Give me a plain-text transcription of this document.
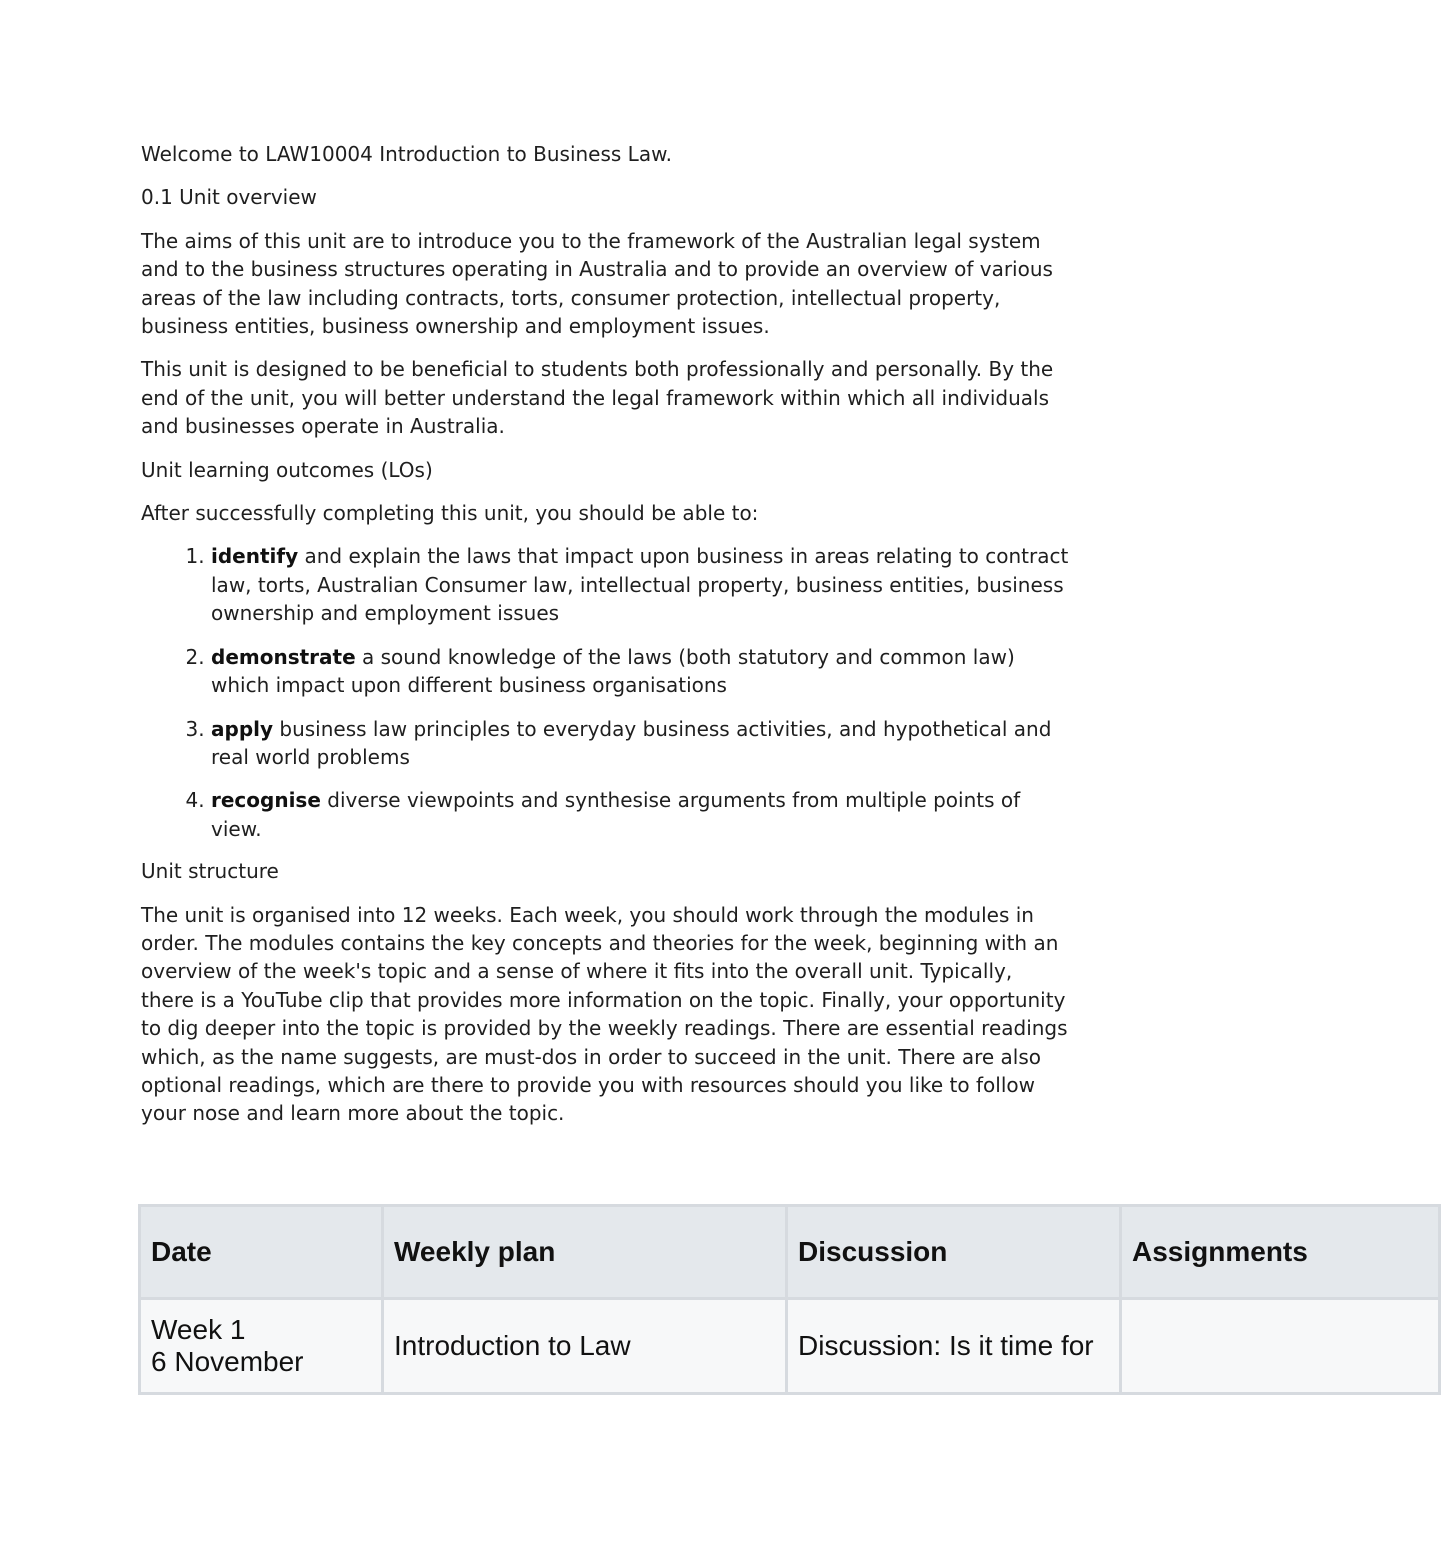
Welcome to LAW10004 Introduction to Business Law.

0.1 Unit overview

The aims of this unit are to introduce you to the framework of the Australian legal system and to the business structures operating in Australia and to provide an overview of various areas of the law including contracts, torts, consumer protection, intellectual property, business entities, business ownership and employment issues.

This unit is designed to be beneficial to students both professionally and personally. By the end of the unit, you will better understand the legal framework within which all individuals and businesses operate in Australia.

Unit learning outcomes (LOs)

After successfully completing this unit, you should be able to:

1. identify and explain the laws that impact upon business in areas relating to contract law, torts, Australian Consumer law, intellectual property, business entities, business ownership and employment issues
2. demonstrate a sound knowledge of the laws (both statutory and common law) which impact upon different business organisations
3. apply business law principles to everyday business activities, and hypothetical and real world problems
4. recognise diverse viewpoints and synthesise arguments from multiple points of view.

Unit structure

The unit is organised into 12 weeks. Each week, you should work through the modules in order. The modules contains the key concepts and theories for the week, beginning with an overview of the week's topic and a sense of where it fits into the overall unit. Typically, there is a YouTube clip that provides more information on the topic. Finally, your opportunity to dig deeper into the topic is provided by the weekly readings. There are essential readings which, as the name suggests, are must-dos in order to succeed in the unit. There are also optional readings, which are there to provide you with resources should you like to follow your nose and learn more about the topic.

Date	Weekly plan	Discussion	Assignments
Week 1
6 November	Introduction to Law	Discussion: Is it time for	
